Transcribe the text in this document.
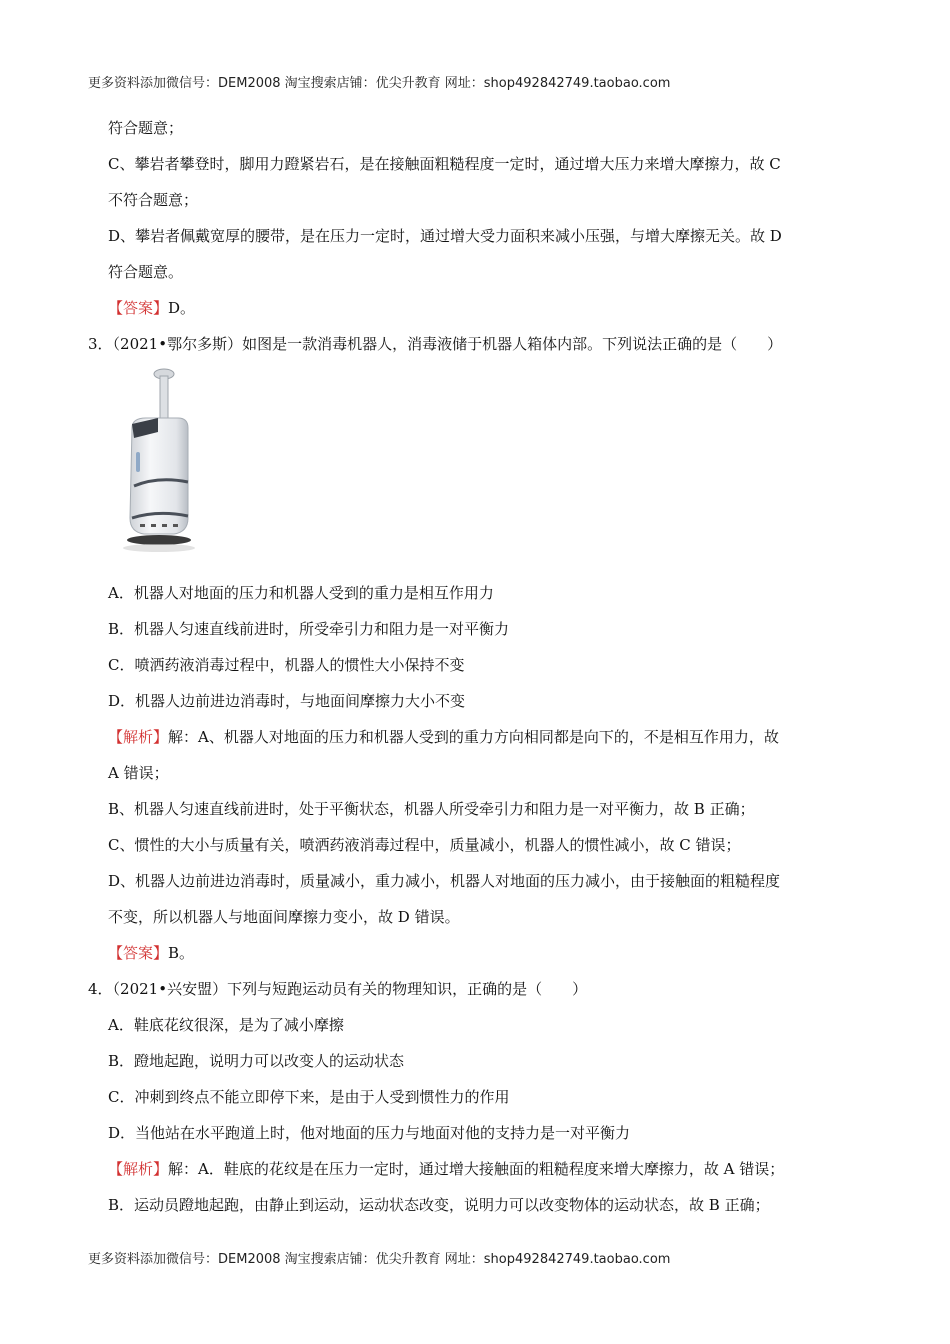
更多资料添加微信号：DEM2008 淘宝搜索店铺：优尖升教育 网址：shop492842749.taobao.com
符合题意；
C、攀岩者攀登时，脚用力蹬紧岩石，是在接触面粗糙程度一定时，通过增大压力来增大摩擦力，故 C
不符合题意；
D、攀岩者佩戴宽厚的腰带，是在压力一定时，通过增大受力面积来减小压强，与增大摩擦无关。故 D
符合题意。
【答案】D。
3．（2021•鄂尔多斯）如图是一款消毒机器人，消毒液储于机器人箱体内部。下列说法正确的是（　　）
A．机器人对地面的压力和机器人受到的重力是相互作用力
B．机器人匀速直线前进时，所受牵引力和阻力是一对平衡力
C．喷洒药液消毒过程中，机器人的惯性大小保持不变
D．机器人边前进边消毒时，与地面间摩擦力大小不变
【解析】解：A、机器人对地面的压力和机器人受到的重力方向相同都是向下的，不是相互作用力，故
A 错误；
B、机器人匀速直线前进时，处于平衡状态，机器人所受牵引力和阻力是一对平衡力，故 B 正确；
C、惯性的大小与质量有关，喷洒药液消毒过程中，质量减小，机器人的惯性减小，故 C 错误；
D、机器人边前进边消毒时，质量减小，重力减小，机器人对地面的压力减小，由于接触面的粗糙程度
不变，所以机器人与地面间摩擦力变小，故 D 错误。
【答案】B。
4．（2021•兴安盟）下列与短跑运动员有关的物理知识，正确的是（　　）
A．鞋底花纹很深，是为了减小摩擦
B．蹬地起跑，说明力可以改变人的运动状态
C．冲刺到终点不能立即停下来，是由于人受到惯性力的作用
D．当他站在水平跑道上时，他对地面的压力与地面对他的支持力是一对平衡力
【解析】解：A．鞋底的花纹是在压力一定时，通过增大接触面的粗糙程度来增大摩擦力，故 A 错误；
B．运动员蹬地起跑，由静止到运动，运动状态改变，说明力可以改变物体的运动状态，故 B 正确；
更多资料添加微信号：DEM2008 淘宝搜索店铺：优尖升教育 网址：shop492842749.taobao.com
